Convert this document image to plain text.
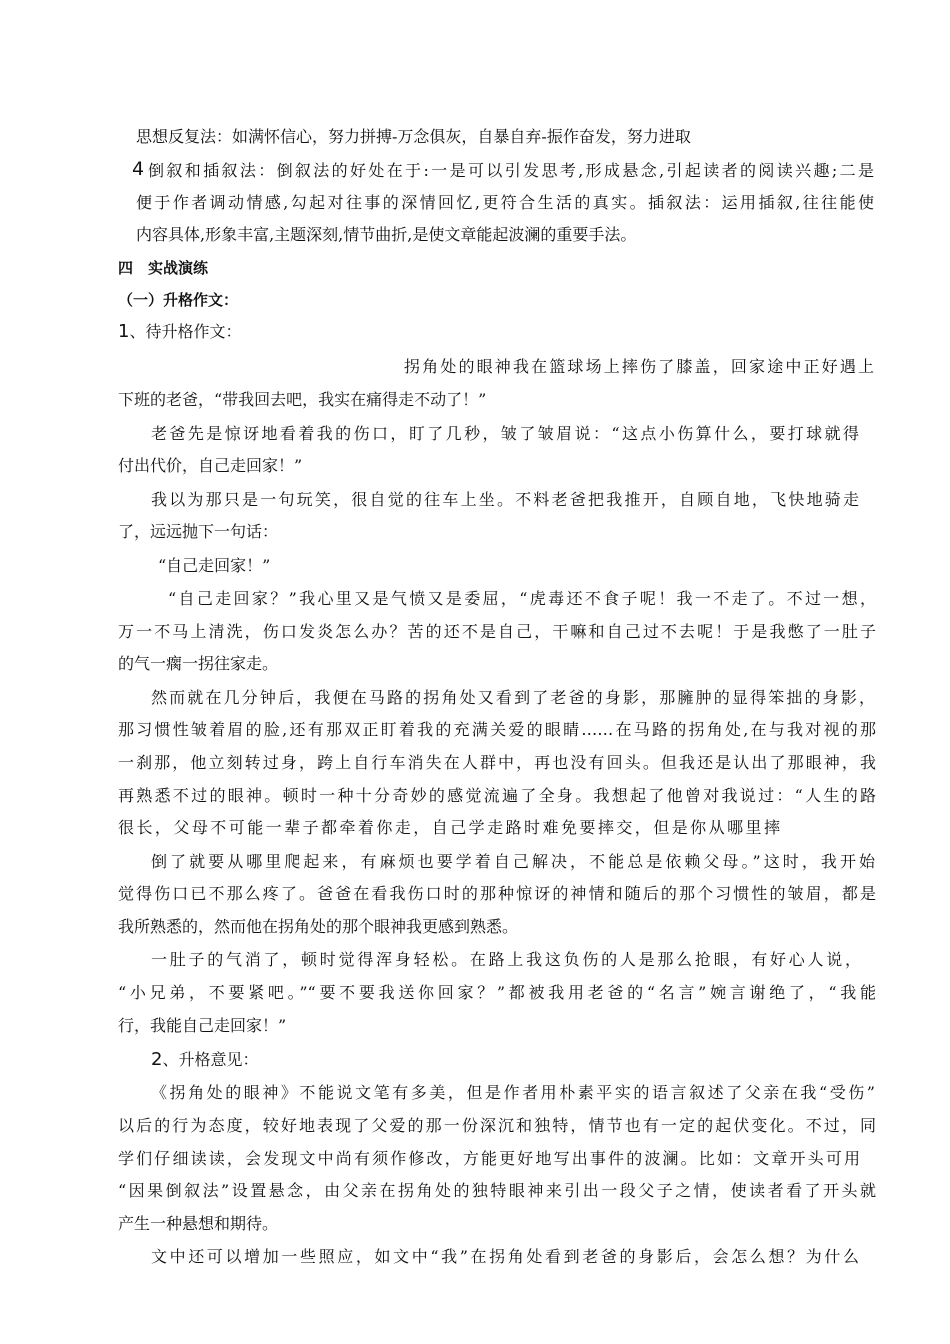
思想反复法：如满怀信心，努力拼搏-万念俱灰，自暴自弃-振作奋发，努力进取
4 倒叙和插叙法：倒叙法的好处在于:一是可以引发思考,形成悬念,引起读者的阅读兴趣;二是
便于作者调动情感,勾起对往事的深情回忆,更符合生活的真实。插叙法：运用插叙,往往能使
内容具体,形象丰富,主题深刻,情节曲折,是使文章能起波澜的重要手法。
四　实战演练
（一）升格作文：
1、待升格作文：
拐角处的眼神我在篮球场上摔伤了膝盖，回家途中正好遇上
下班的老爸，“带我回去吧，我实在痛得走不动了！”
老爸先是惊讶地看着我的伤口，盯了几秒，皱了皱眉说：“这点小伤算什么，要打球就得
付出代价，自己走回家！”
我以为那只是一句玩笑，很自觉的往车上坐。不料老爸把我推开，自顾自地，飞快地骑走
了，远远抛下一句话：
“自己走回家！”
“自己走回家？”我心里又是气愤又是委屈，“虎毒还不食子呢！我一不走了。不过一想，
万一不马上清洗，伤口发炎怎么办？苦的还不是自己，干嘛和自己过不去呢！于是我憋了一肚子
的气一瘸一拐往家走。
然而就在几分钟后，我便在马路的拐角处又看到了老爸的身影，那臃肿的显得笨拙的身影，
那习惯性皱着眉的脸,还有那双正盯着我的充满关爱的眼睛……在马路的拐角处,在与我对视的那
一刹那，他立刻转过身，跨上自行车消失在人群中，再也没有回头。但我还是认出了那眼神，我
再熟悉不过的眼神。顿时一种十分奇妙的感觉流遍了全身。我想起了他曾对我说过：“人生的路
很长，父母不可能一辈子都牵着你走，自己学走路时难免要摔交，但是你从哪里摔
倒了就要从哪里爬起来，有麻烦也要学着自己解决，不能总是依赖父母。”这时，我开始
觉得伤口已不那么疼了。爸爸在看我伤口时的那种惊讶的神情和随后的那个习惯性的皱眉，都是
我所熟悉的，然而他在拐角处的那个眼神我更感到熟悉。
一肚子的气消了，顿时觉得浑身轻松。在路上我这负伤的人是那么抢眼，有好心人说，
“小兄弟，不要紧吧。”“要不要我送你回家？”都被我用老爸的“名言”婉言谢绝了，“我能
行，我能自己走回家！”
2、升格意见：
《拐角处的眼神》不能说文笔有多美，但是作者用朴素平实的语言叙述了父亲在我“受伤”
以后的行为态度，较好地表现了父爱的那一份深沉和独特，情节也有一定的起伏变化。不过，同
学们仔细读读，会发现文中尚有须作修改，方能更好地写出事件的波澜。比如：文章开头可用
“因果倒叙法”设置悬念，由父亲在拐角处的独特眼神来引出一段父子之情，使读者看了开头就
产生一种悬想和期待。
文中还可以增加一些照应，如文中“我”在拐角处看到老爸的身影后，会怎么想？为什么
